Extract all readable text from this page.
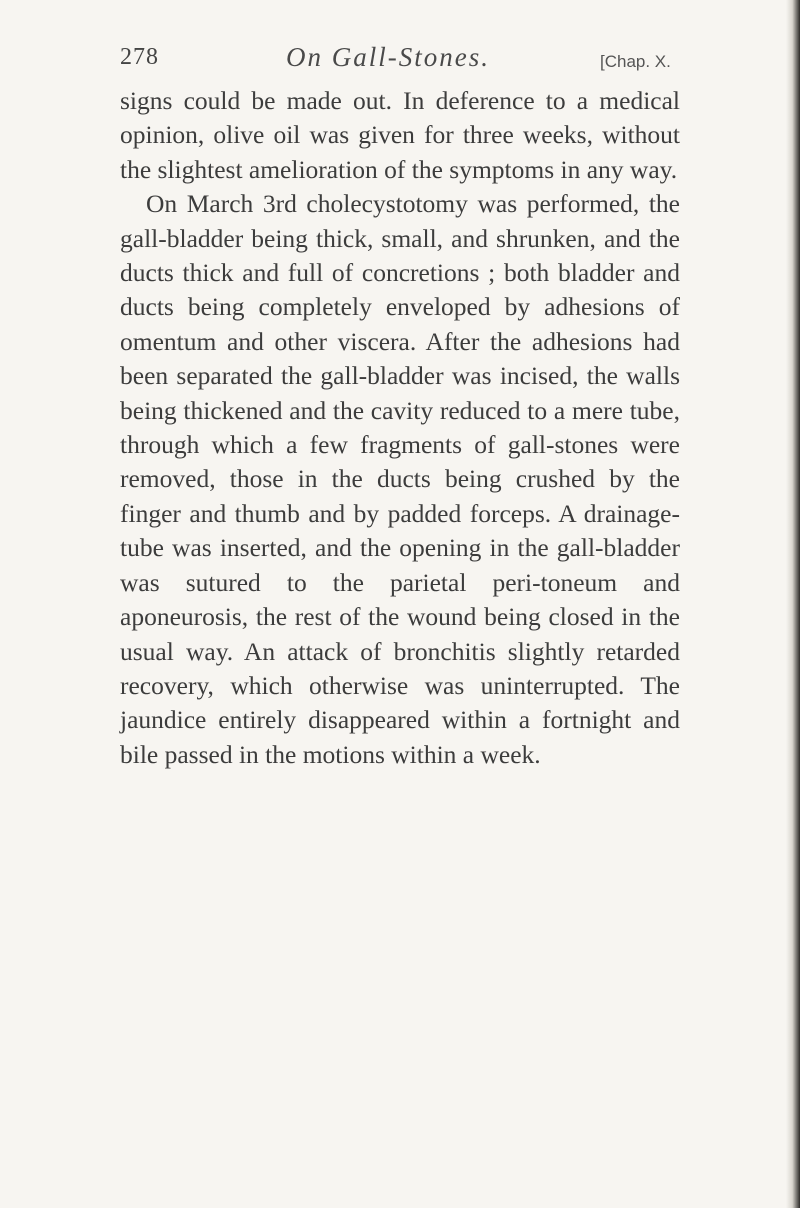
278	On Gall-Stones.	[Chap. X.

signs could be made out. In deference to a medical opinion, olive oil was given for three weeks, without the slightest amelioration of the symptoms in any way.

On March 3rd cholecystotomy was performed, the gall-bladder being thick, small, and shrunken, and the ducts thick and full of concretions ; both bladder and ducts being completely enveloped by adhesions of omentum and other viscera. After the adhesions had been separated the gall-bladder was incised, the walls being thickened and the cavity reduced to a mere tube, through which a few fragments of gall-stones were removed, those in the ducts being crushed by the finger and thumb and by padded forceps. A drainage-tube was inserted, and the opening in the gall-bladder was sutured to the parietal peri-toneum and aponeurosis, the rest of the wound being closed in the usual way. An attack of bronchitis slightly retarded recovery, which otherwise was uninterrupted. The jaundice entirely disappeared within a fortnight and bile passed in the motions within a week.
